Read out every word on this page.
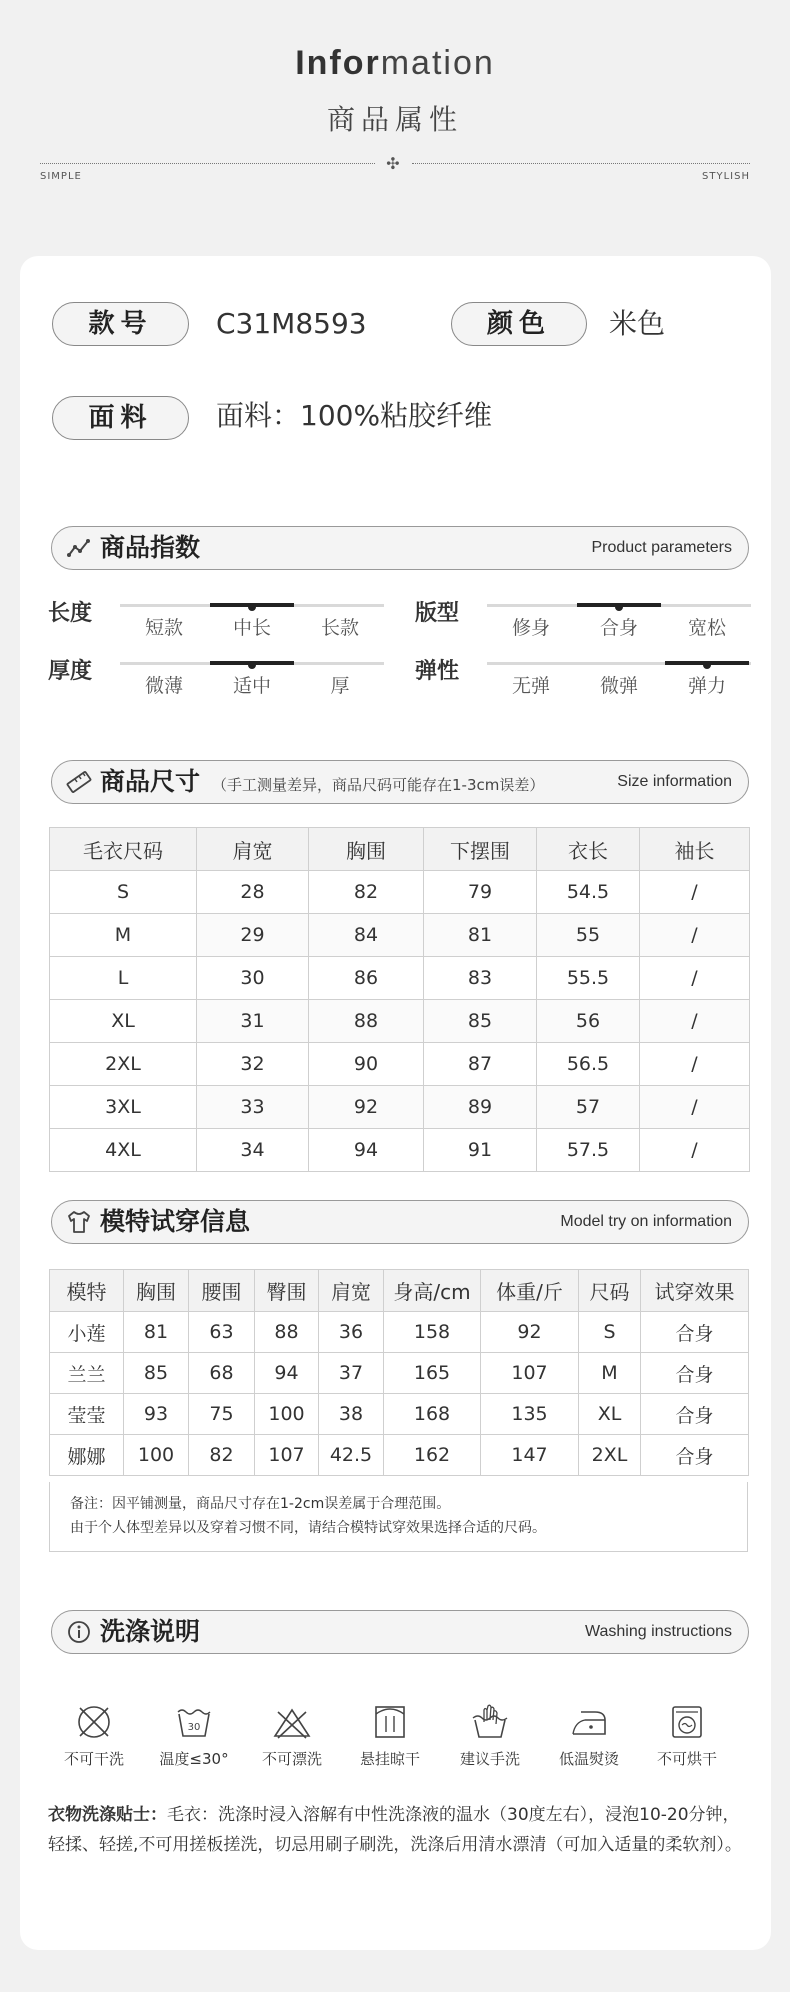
Information
商品属性
✣
SIMPLE	STYLISH
款号	C31M8593	颜色	米色
面料	面料：100%粘胶纤维
商品指数	Product parameters
长度
短款	中长	长款
版型
修身	合身	宽松
厚度
微薄	适中	厚
弹性
无弹	微弹	弹力
商品尺寸 （手工测量差异，商品尺码可能存在1-3cm误差）	Size information
毛衣尺码	肩宽	胸围	下摆围	衣长	袖长
S	28	82	79	54.5	/
M	29	84	81	55	/
L	30	86	83	55.5	/
XL	31	88	85	56	/
2XL	32	90	87	56.5	/
3XL	33	92	89	57	/
4XL	34	94	91	57.5	/
模特试穿信息	Model try on information
模特	胸围	腰围	臀围	肩宽	身高/cm	体重/斤	尺码	试穿效果
小莲	81	63	88	36	158	92	S	合身
兰兰	85	68	94	37	165	107	M	合身
莹莹	93	75	100	38	168	135	XL	合身
娜娜	100	82	107	42.5	162	147	2XL	合身
备注：因平铺测量，商品尺寸存在1-2cm误差属于合理范围。
由于个人体型差异以及穿着习惯不同，请结合模特试穿效果选择合适的尺码。
洗涤说明	Washing instructions
不可干洗
30
温度≤30°	不可漂洗	悬挂晾干	建议手洗	低温熨烫	不可烘干
衣物洗涤贴士：毛衣：洗涤时浸入溶解有中性洗涤液的温水（30度左右），浸泡10-20分钟，轻揉、轻搓,不可用搓板搓洗，切忌用刷子刷洗，洗涤后用清水漂清（可加入适量的柔软剂）。
